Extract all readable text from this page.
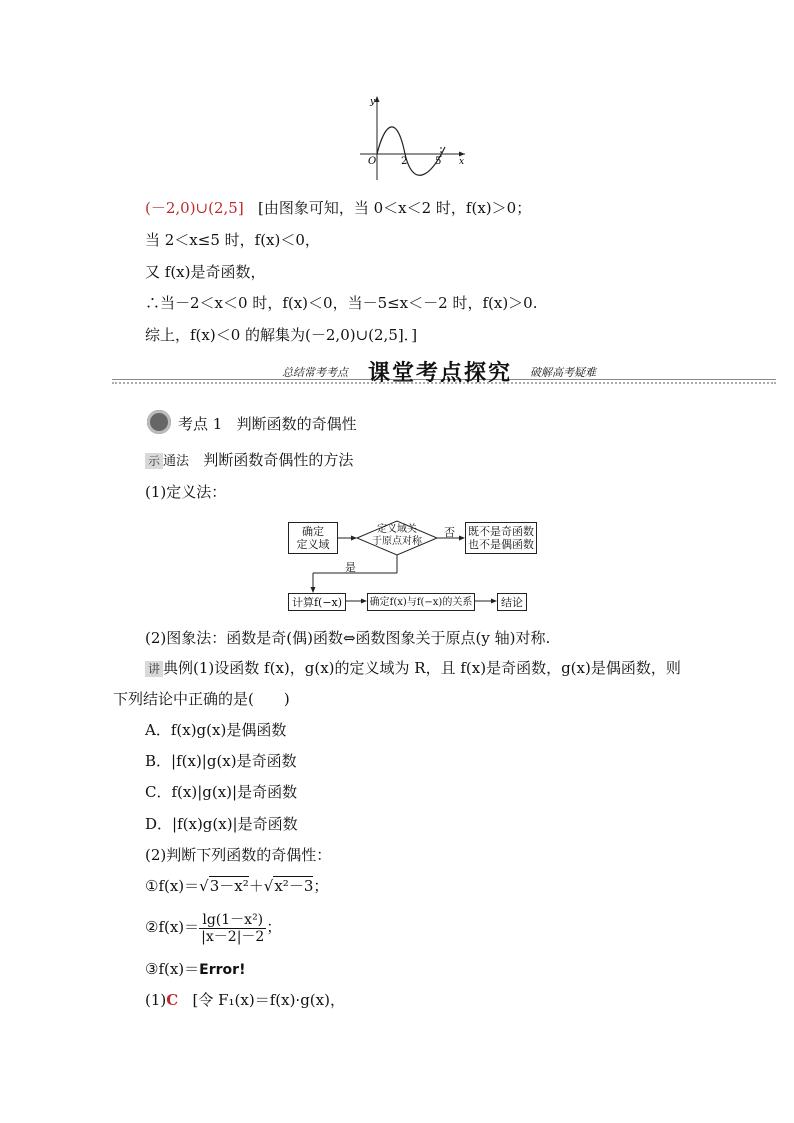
y
x
O 2	5
(－2,0)∪(2,5] [由图象可知，当 0＜x＜2 时，f(x)＞0；
当 2＜x≤5 时，f(x)＜0，
又 f(x)是奇函数，
∴当－2＜x＜0 时，f(x)＜0，当－5≤x＜－2 时，f(x)＞0.
综上，f(x)＜0 的解集为(－2,0)∪(2,5]．]
总结常考考点 课堂考点探究 破解高考疑难
考点 1 判断函数的奇偶性
示 通法 判断函数奇偶性的方法
(1)定义法：
确定
定义域
定义域关
于原点对称
否 既不是奇函数
也不是偶函数
是
计算f(−x)	确定f(x)与f(−x)的关系	结论
(2)图象法：函数是奇(偶)函数⇔函数图象关于原点(y 轴)对称.
讲 典例(1)设函数 f(x)，g(x)的定义域为 R，且 f(x)是奇函数，g(x)是偶函数，则
下列结论中正确的是(　　)
A．f(x)g(x)是偶函数
B．|f(x)|g(x)是奇函数
C．f(x)|g(x)|是奇函数
D．|f(x)g(x)|是奇函数
(2)判断下列函数的奇偶性：
①f(x)＝√3－x²＋√x²－3；
②f(x)＝ $\frac{\text{lg(1－x²)}}{|x-2|-2}$ ；
③f(x)＝Error!
(1)C [令 F₁(x)＝f(x)·g(x)，
